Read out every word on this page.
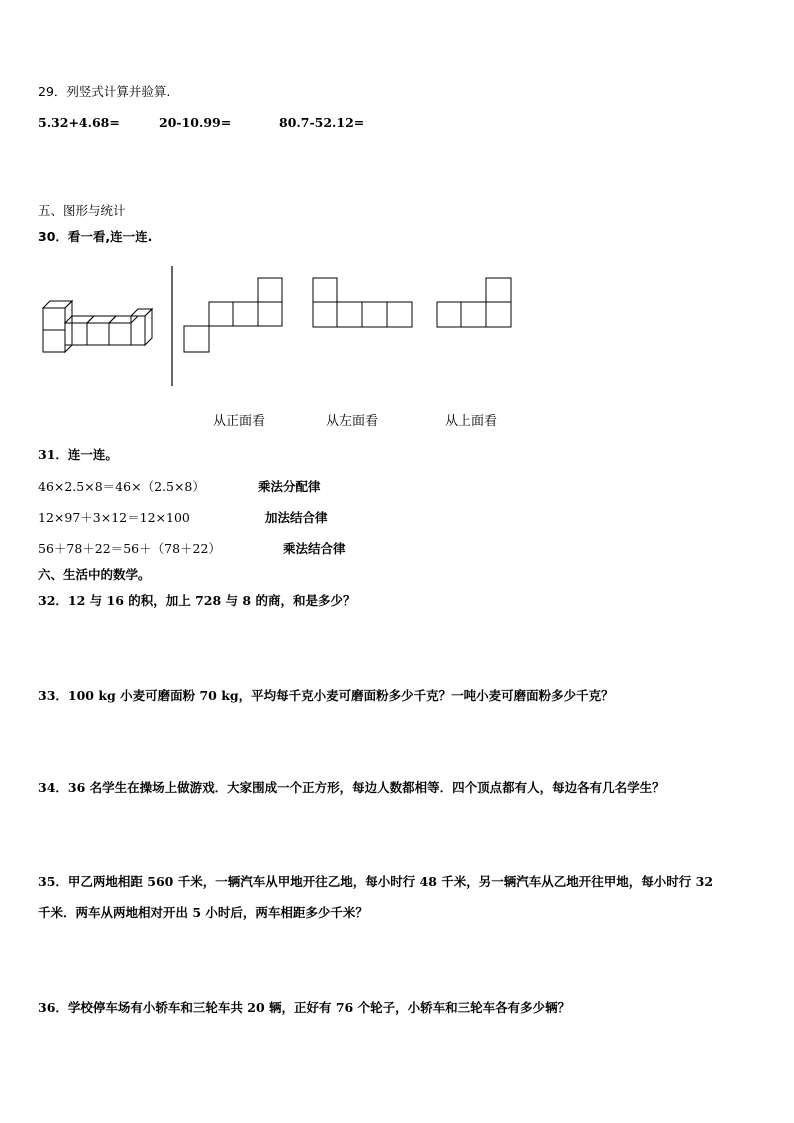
29．列竖式计算并验算.
5.32+4.68=	20-10.99=	80.7-52.12=
五、图形与统计
30．看一看,连一连.
从正面看	从左面看	从上面看
31．连一连。
46×2.5×8＝46×（2.5×8）	乘法分配律
12×97＋3×12＝12×100	加法结合律
56＋78＋22＝56＋（78＋22）	乘法结合律
六、生活中的数学。
32．12 与 16 的积，加上 728 与 8 的商，和是多少？
33．100 kg 小麦可磨面粉 70 kg，平均每千克小麦可磨面粉多少千克？一吨小麦可磨面粉多少千克？
34．36 名学生在操场上做游戏．大家围成一个正方形，每边人数都相等．四个顶点都有人，每边各有几名学生？
35．甲乙两地相距 560 千米，一辆汽车从甲地开往乙地，每小时行 48 千米，另一辆汽车从乙地开往甲地，每小时行 32
千米．两车从两地相对开出 5 小时后，两车相距多少千米？
36．学校停车场有小轿车和三轮车共 20 辆，正好有 76 个轮子，小轿车和三轮车各有多少辆？
